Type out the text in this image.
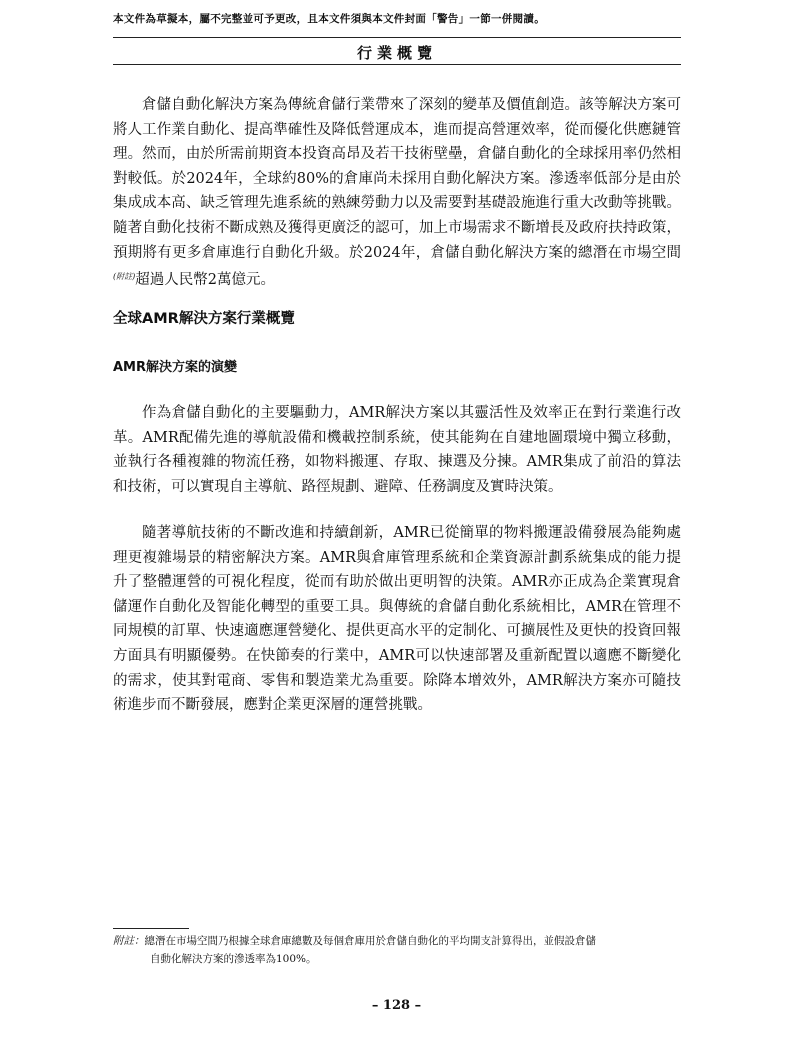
本文件為草擬本，屬不完整並可予更改，且本文件須與本文件封面「警告」一節一併閱讀。
行業概覽

倉儲自動化解決方案為傳統倉儲行業帶來了深刻的變革及價值創造。該等解決方案可將人工作業自動化、提高準確性及降低營運成本，進而提高營運效率，從而優化供應鏈管理。然而，由於所需前期資本投資高昂及若干技術壁壘，倉儲自動化的全球採用率仍然相對較低。於2024年，全球約80%的倉庫尚未採用自動化解決方案。滲透率低部分是由於集成成本高、缺乏管理先進系統的熟練勞動力以及需要對基礎設施進行重大改動等挑戰。隨著自動化技術不斷成熟及獲得更廣泛的認可，加上市場需求不斷增長及政府扶持政策，預期將有更多倉庫進行自動化升級。於2024年，倉儲自動化解決方案的總潛在市場空間$^{(附註)}$超過人民幣2萬億元。

全球AMR解決方案行業概覽
AMR解決方案的演變

作為倉儲自動化的主要驅動力，AMR解決方案以其靈活性及效率正在對行業進行改革。AMR配備先進的導航設備和機載控制系統，使其能夠在自建地圖環境中獨立移動，並執行各種複雜的物流任務，如物料搬運、存取、揀選及分揀。AMR集成了前沿的算法和技術，可以實現自主導航、路徑規劃、避障、任務調度及實時決策。

隨著導航技術的不斷改進和持續創新，AMR已從簡單的物料搬運設備發展為能夠處理更複雜場景的精密解決方案。AMR與倉庫管理系統和企業資源計劃系統集成的能力提升了整體運營的可視化程度，從而有助於做出更明智的決策。AMR亦正成為企業實現倉儲運作自動化及智能化轉型的重要工具。與傳統的倉儲自動化系統相比，AMR在管理不同規模的訂單、快速適應運營變化、提供更高水平的定制化、可擴展性及更快的投資回報方面具有明顯優勢。在快節奏的行業中，AMR可以快速部署及重新配置以適應不斷變化的需求，使其對電商、零售和製造業尤為重要。除降本增效外，AMR解決方案亦可隨技術進步而不斷發展，應對企業更深層的運營挑戰。

附註：總潛在市場空間乃根據全球倉庫總數及每個倉庫用於倉儲自動化的平均開支計算得出，並假設倉儲
自動化解決方案的滲透率為100%。
– 128 –
